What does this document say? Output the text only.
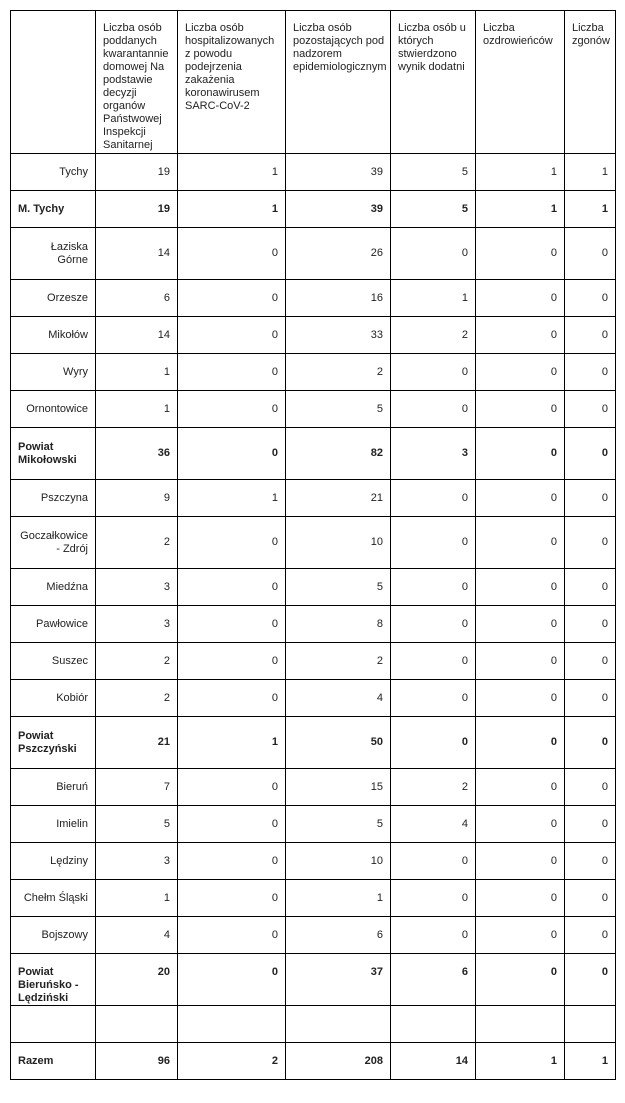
	Liczba osób poddanych kwarantannie domowej Na podstawie decyzji organów Państwowej Inspekcji Sanitarnej	Liczba osób hospitalizowanych z powodu podejrzenia zakażenia koronawirusem SARC-CoV-2	Liczba osób pozostających pod nadzorem epidemiologicznym	Liczba osób u których stwierdzono wynik dodatni	Liczba ozdrowieńców	Liczba zgonów
Tychy	19	1	39	5	1	1
M. Tychy	19	1	39	5	1	1
Łaziska Górne	14	0	26	0	0	0
Orzesze	6	0	16	1	0	0
Mikołów	14	0	33	2	0	0
Wyry	1	0	2	0	0	0
Ornontowice	1	0	5	0	0	0
Powiat Mikołowski	36	0	82	3	0	0
Pszczyna	9	1	21	0	0	0
Goczałkowice - Zdrój	2	0	10	0	0	0
Miedźna	3	0	5	0	0	0
Pawłowice	3	0	8	0	0	0
Suszec	2	0	2	0	0	0
Kobiór	2	0	4	0	0	0
Powiat Pszczyński	21	1	50	0	0	0
Bieruń	7	0	15	2	0	0
Imielin	5	0	5	4	0	0
Lędziny	3	0	10	0	0	0
Chełm Śląski	1	0	1	0	0	0
Bojszowy	4	0	6	0	0	0
Powiat Bieruńsko - Lędziński	20	0	37	6	0	0

Razem	96	2	208	14	1	1
